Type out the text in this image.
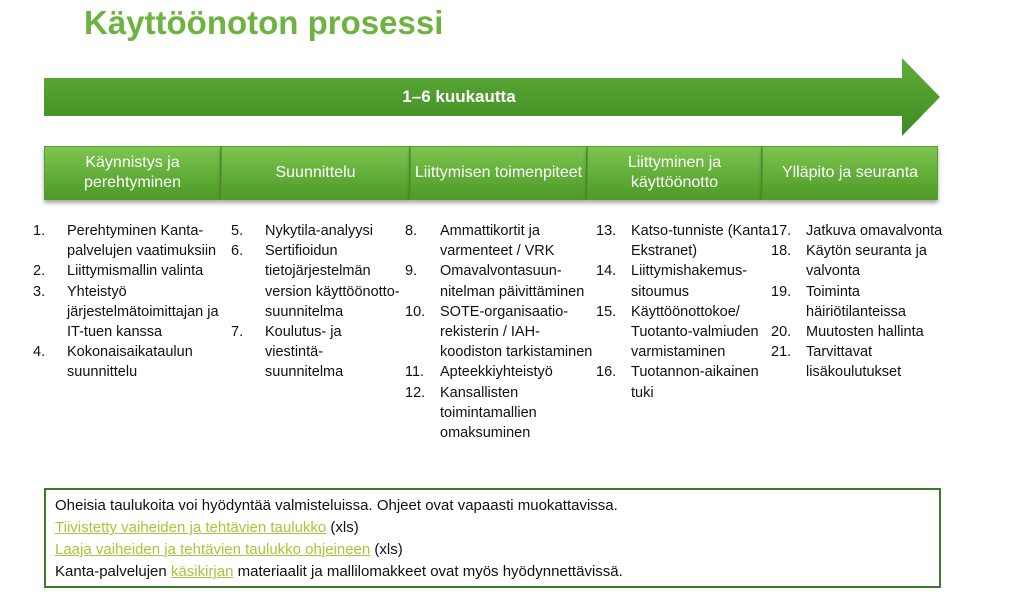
Käyttöönoton prosessi
1–6 kuukautta
Käynnistys ja perehtyminen
Suunnittelu	Liittymisen toimenpiteet
Liittyminen ja käyttöönotto
Ylläpito ja seuranta
1.	Perehtyminen Kanta-palvelujen vaatimuksiin
2.	Liittymismallin valinta
3.	Yhteistyö järjestelmätoimittajan ja IT-tuen kanssa
4.	Kokonaisaikataulun suunnittelu
5.	Nykytila-analyysi
6.	Sertifioidun tietojärjestelmän version käyttöönotto-suunnitelma
7.	Koulutus- ja viestintä-suunnitelma
8.	Ammattikortit ja varmenteet / VRK
9.	Omavalvontasuun-nitelman päivittäminen
10.	SOTE-organisaatio-rekisterin / IAH-koodiston tarkistaminen
11.	Apteekkiyhteistyö
12.	Kansallisten toimintamallien omaksuminen
13.	Katso-tunniste (Kanta Ekstranet)
14.	Liittymishakemus-sitoumus
15.	Käyttöönottokoe/ Tuotanto-valmiuden varmistaminen
16.	Tuotannon-aikainen tuki
17.	Jatkuva omavalvonta
18.	Käytön seuranta ja valvonta
19.	Toiminta häiriötilanteissa
20.	Muutosten hallinta
21.	Tarvittavat lisäkoulutukset
Oheisia taulukoita voi hyödyntää valmisteluissa. Ohjeet ovat vapaasti muokattavissa.
Tiivistetty vaiheiden ja tehtävien taulukko (xls)
Laaja vaiheiden ja tehtävien taulukko ohjeineen (xls)
Kanta-palvelujen käsikirjan materiaalit ja mallilomakkeet ovat myös hyödynnettävissä.
